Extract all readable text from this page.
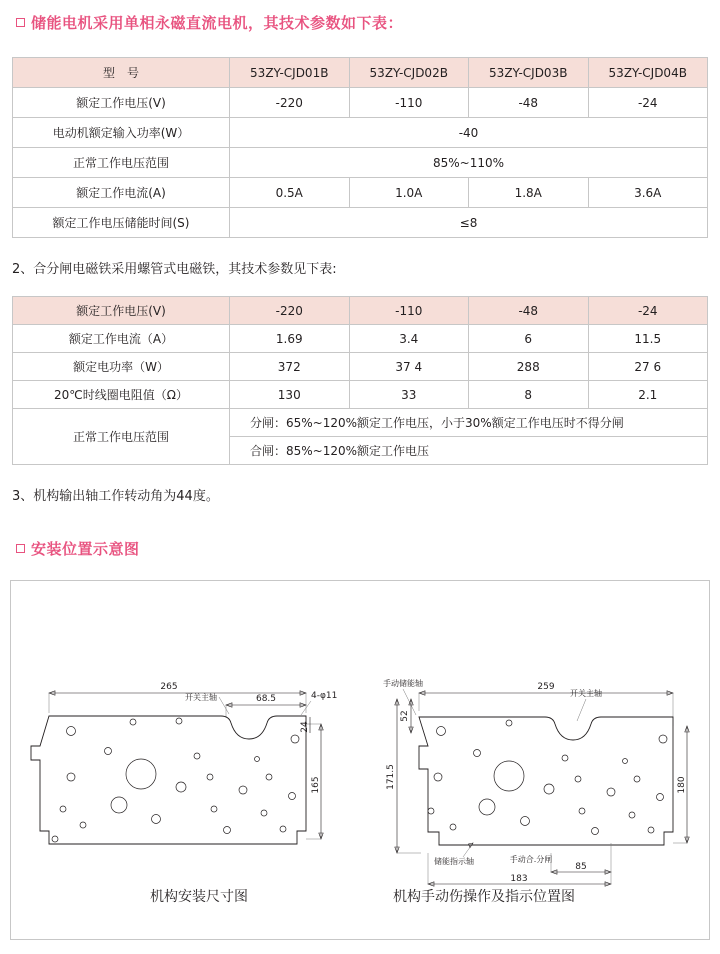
储能电机采用单相永磁直流电机，其技术参数如下表：
型　号	53ZY-CJD01B	53ZY-CJD02B	53ZY-CJD03B	53ZY-CJD04B
额定工作电压(V)	-220	-110	-48	-24
电动机额定输入功率(W）	-40			
正常工作电压范围	85%~110%			
额定工作电流(A)	0.5A	1.0A	1.8A	3.6A
额定工作电压储能时间(S)	≤8			
2、合分闸电磁铁采用螺管式电磁铁，其技术参数见下表:
额定工作电压(V)	-220	-110	-48	-24
额定工作电流（A）	1.69	3.4	6	11.5
额定电功率（W）	372	37 4	288	27 6
20℃时线圈电阻值（Ω）	130	33	8	2.1
正常工作电压范围	分闸：65%~120%额定工作电压，小于30%额定工作电压时不得分闸			
	合闸：85%~120%额定工作电压			
3、机构输出轴工作转动角为44度。
安装位置示意图
265
68.5
开关主轴	4-φ11
165
24
259
手动储能轴
开关主轴
52
171.5	180
储能指示轴	手动合.分闸
85
183
机构安装尺寸图	机构手动伤操作及指示位置图
